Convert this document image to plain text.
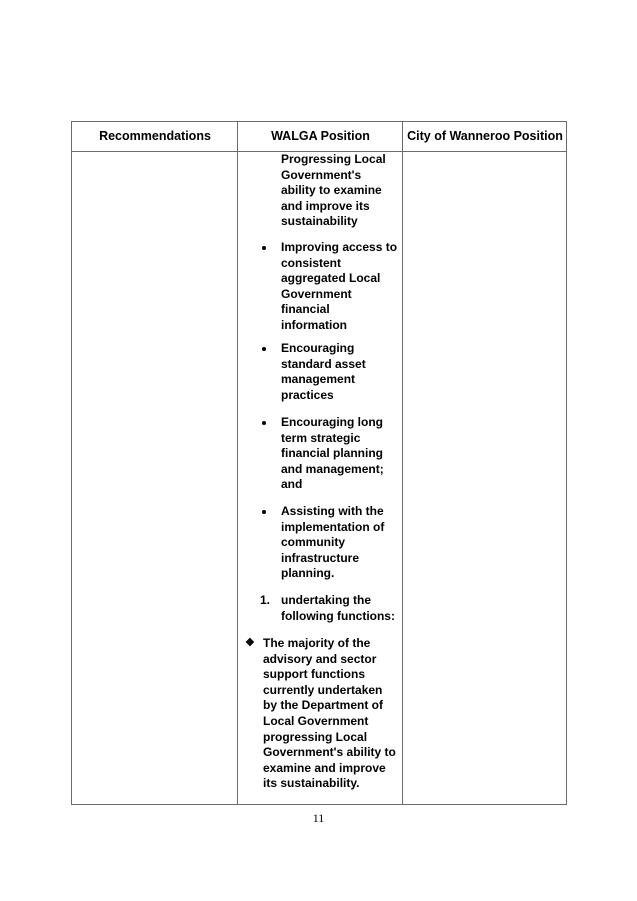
Recommendations	WALGA Position	City of Wanneroo Position
Progressing Local
Government's
ability to examine
and improve its
sustainability
Improving access to
consistent
aggregated Local
Government
financial
information
Encouraging
standard asset
management
practices
Encouraging long
term strategic
financial planning
and management;
and
Assisting with the
implementation of
community
infrastructure
planning.
1. undertaking the
following functions:
❖ The majority of the
advisory and sector
support functions
currently undertaken
by the Department of
Local Government
progressing Local
Government's ability to
examine and improve
its sustainability.
11
